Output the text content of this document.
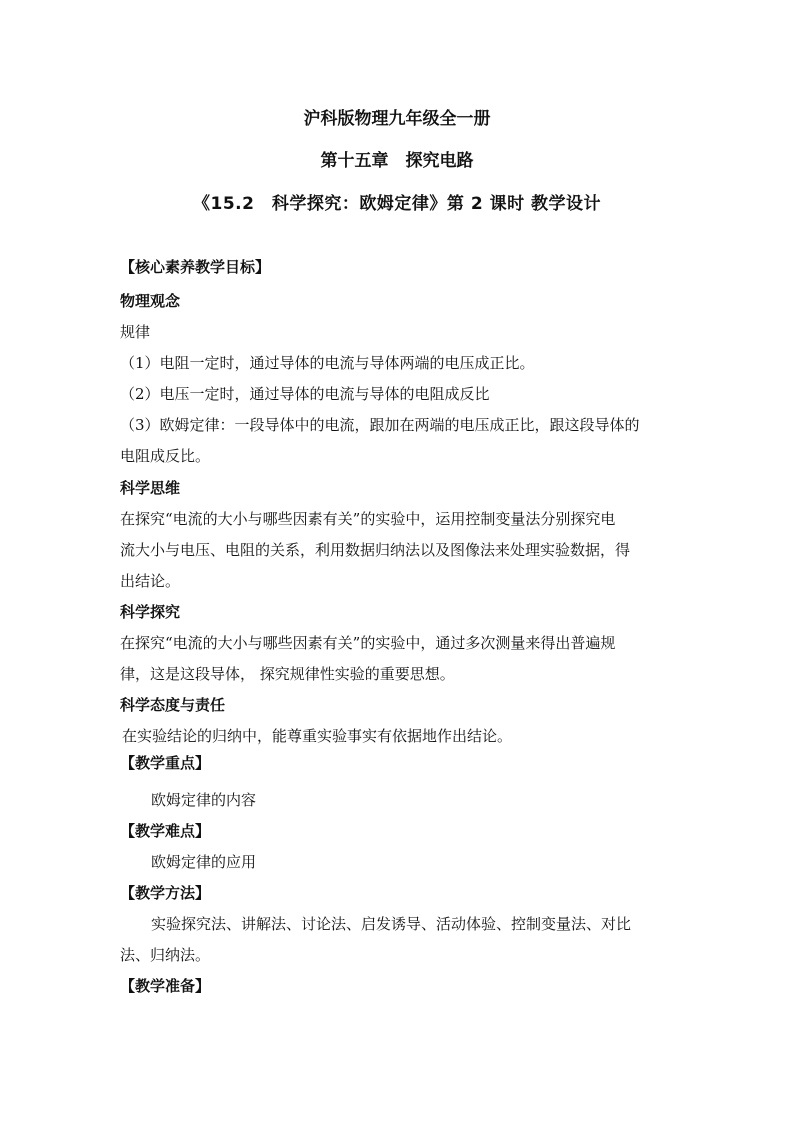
沪科版物理九年级全一册
第十五章　探究电路
《15.2　科学探究：欧姆定律》第 2 课时 教学设计
【核心素养教学目标】
物理观念
规律
（1）电阻一定时，通过导体的电流与导体两端的电压成正比。
（2）电压一定时，通过导体的电流与导体的电阻成反比
（3）欧姆定律：一段导体中的电流，跟加在两端的电压成正比，跟这段导体的
电阻成反比。
科学思维
在探究“电流的大小与哪些因素有关”的实验中，运用控制变量法分别探究电
流大小与电压、电阻的关系，利用数据归纳法以及图像法来处理实验数据，得
出结论。
科学探究
在探究“电流的大小与哪些因素有关”的实验中，通过多次测量来得出普遍规
律，这是这段导体， 探究规律性实验的重要思想。
科学态度与责任
在实验结论的归纳中，能尊重实验事实有依据地作出结论。
【教学重点】
欧姆定律的内容
【教学难点】
欧姆定律的应用
【教学方法】
实验探究法、讲解法、讨论法、启发诱导、活动体验、控制变量法、对比
法、归纳法。
【教学准备】
